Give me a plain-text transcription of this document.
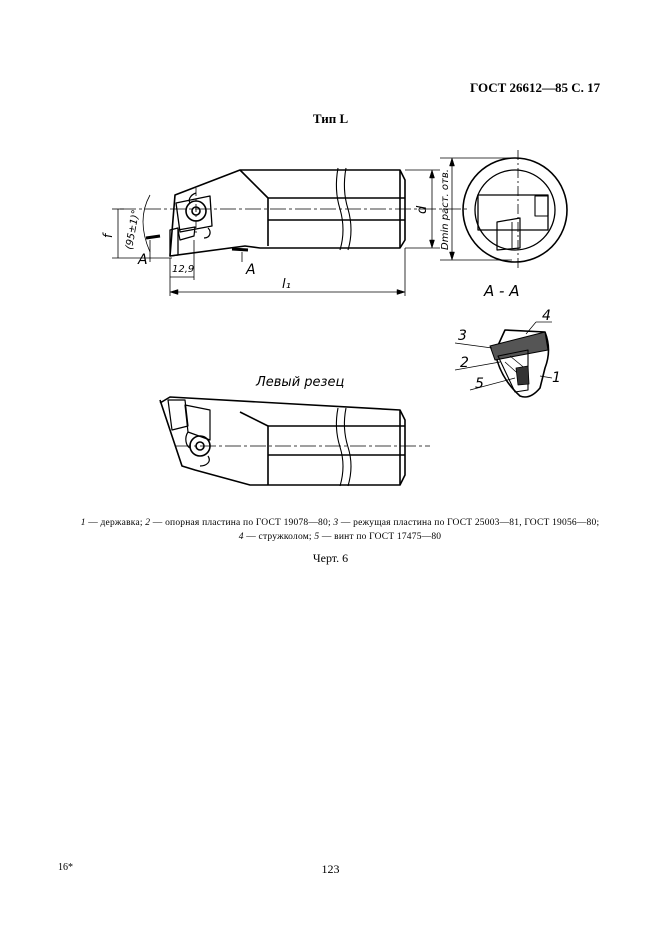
ГОСТ 26612—85 С. 17
Тип L
f (95±1)°
A
12,9	A
l₁
d Dmin раст. отв.
A - A
Левый резец
3
4
2
5	1
1 — державка; 2 — опорная пластина по ГОСТ 19078—80; 3 — режущая пластина по ГОСТ 25003—81, ГОСТ 19056—80;
4 — стружколом; 5 — винт по ГОСТ 17475—80
Черт. 6
16*	123
